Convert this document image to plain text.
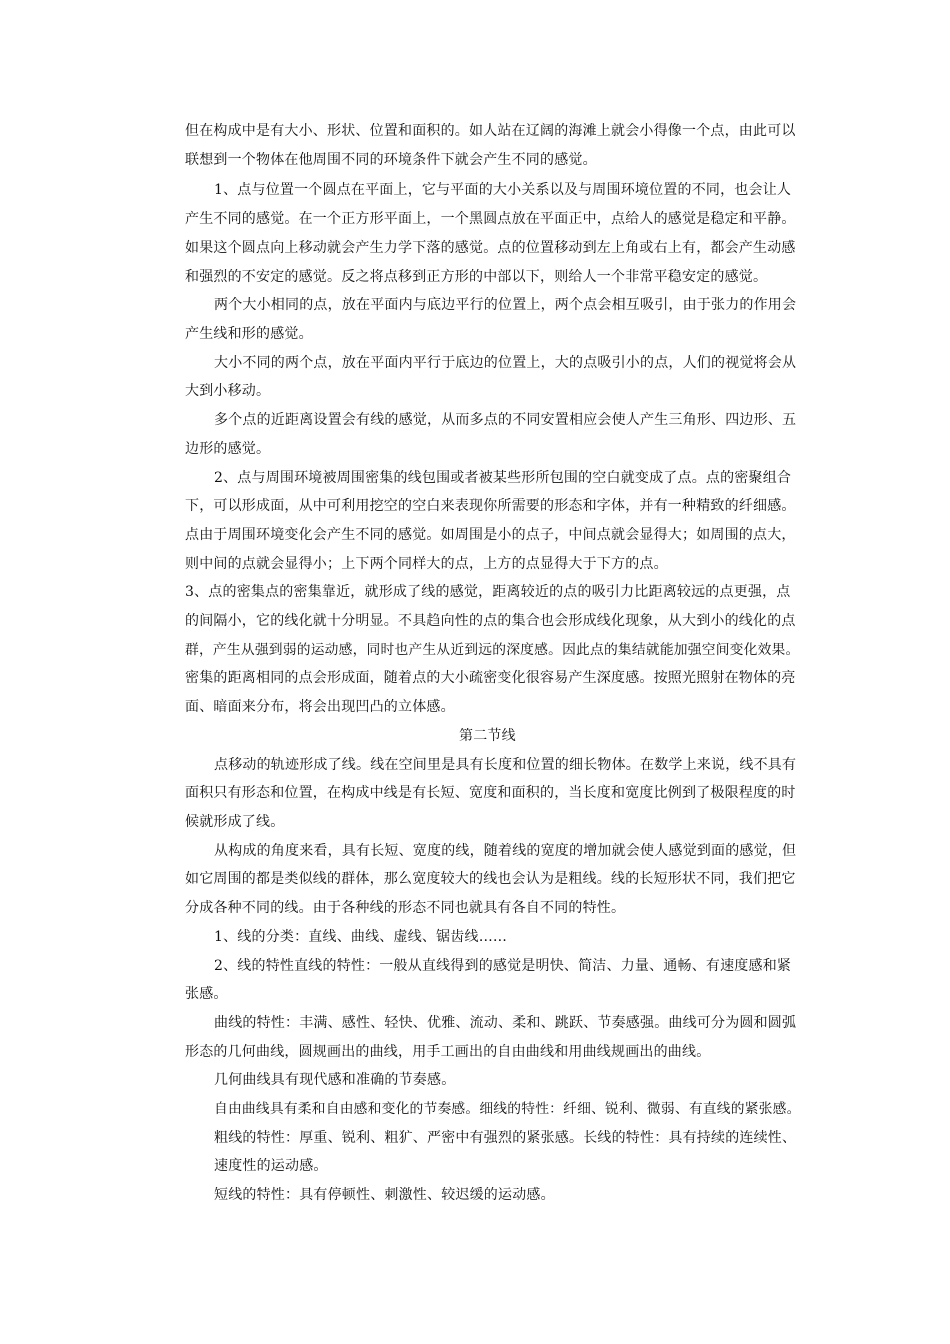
但在构成中是有大小、形状、位置和面积的。如人站在辽阔的海滩上就会小得像一个点，由此可以

联想到一个物体在他周围不同的环境条件下就会产生不同的感觉。

1、点与位置一个圆点在平面上，它与平面的大小关系以及与周围环境位置的不同，也会让人

产生不同的感觉。在一个正方形平面上，一个黑圆点放在平面正中，点给人的感觉是稳定和平静。

如果这个圆点向上移动就会产生力学下落的感觉。点的位置移动到左上角或右上有，都会产生动感

和强烈的不安定的感觉。反之将点移到正方形的中部以下，则给人一个非常平稳安定的感觉。

两个大小相同的点，放在平面内与底边平行的位置上，两个点会相互吸引，由于张力的作用会

产生线和形的感觉。

大小不同的两个点，放在平面内平行于底边的位置上，大的点吸引小的点，人们的视觉将会从

大到小移动。

多个点的近距离设置会有线的感觉，从而多点的不同安置相应会使人产生三角形、四边形、五

边形的感觉。

2、点与周围环境被周围密集的线包围或者被某些形所包围的空白就变成了点。点的密聚组合

下，可以形成面，从中可利用挖空的空白来表现你所需要的形态和字体，并有一种精致的纤细感。

点由于周围环境变化会产生不同的感觉。如周围是小的点子，中间点就会显得大；如周围的点大，

则中间的点就会显得小；上下两个同样大的点，上方的点显得大于下方的点。

3、点的密集点的密集靠近，就形成了线的感觉，距离较近的点的吸引力比距离较远的点更强，点

的间隔小，它的线化就十分明显。不具趋向性的点的集合也会形成线化现象，从大到小的线化的点

群，产生从强到弱的运动感，同时也产生从近到远的深度感。因此点的集结就能加强空间变化效果。

密集的距离相同的点会形成面，随着点的大小疏密变化很容易产生深度感。按照光照射在物体的亮

面、暗面来分布，将会出现凹凸的立体感。

第二节线

点移动的轨迹形成了线。线在空间里是具有长度和位置的细长物体。在数学上来说，线不具有

面积只有形态和位置，在构成中线是有长短、宽度和面积的，当长度和宽度比例到了极限程度的时

候就形成了线。

从构成的角度来看，具有长短、宽度的线，随着线的宽度的增加就会使人感觉到面的感觉，但

如它周围的都是类似线的群体，那么宽度较大的线也会认为是粗线。线的长短形状不同，我们把它

分成各种不同的线。由于各种线的形态不同也就具有各自不同的特性。

1、线的分类：直线、曲线、虚线、锯齿线……

2、线的特性直线的特性：一般从直线得到的感觉是明快、简洁、力量、通畅、有速度感和紧

张感。

曲线的特性：丰满、感性、轻快、优雅、流动、柔和、跳跃、节奏感强。曲线可分为圆和圆弧

形态的几何曲线，圆规画出的曲线，用手工画出的自由曲线和用曲线规画出的曲线。

几何曲线具有现代感和准确的节奏感。

自由曲线具有柔和自由感和变化的节奏感。细线的特性：纤细、锐利、微弱、有直线的紧张感。

粗线的特性：厚重、锐利、粗犷、严密中有强烈的紧张感。长线的特性：具有持续的连续性、

速度性的运动感。

短线的特性：具有停顿性、刺激性、较迟缓的运动感。
